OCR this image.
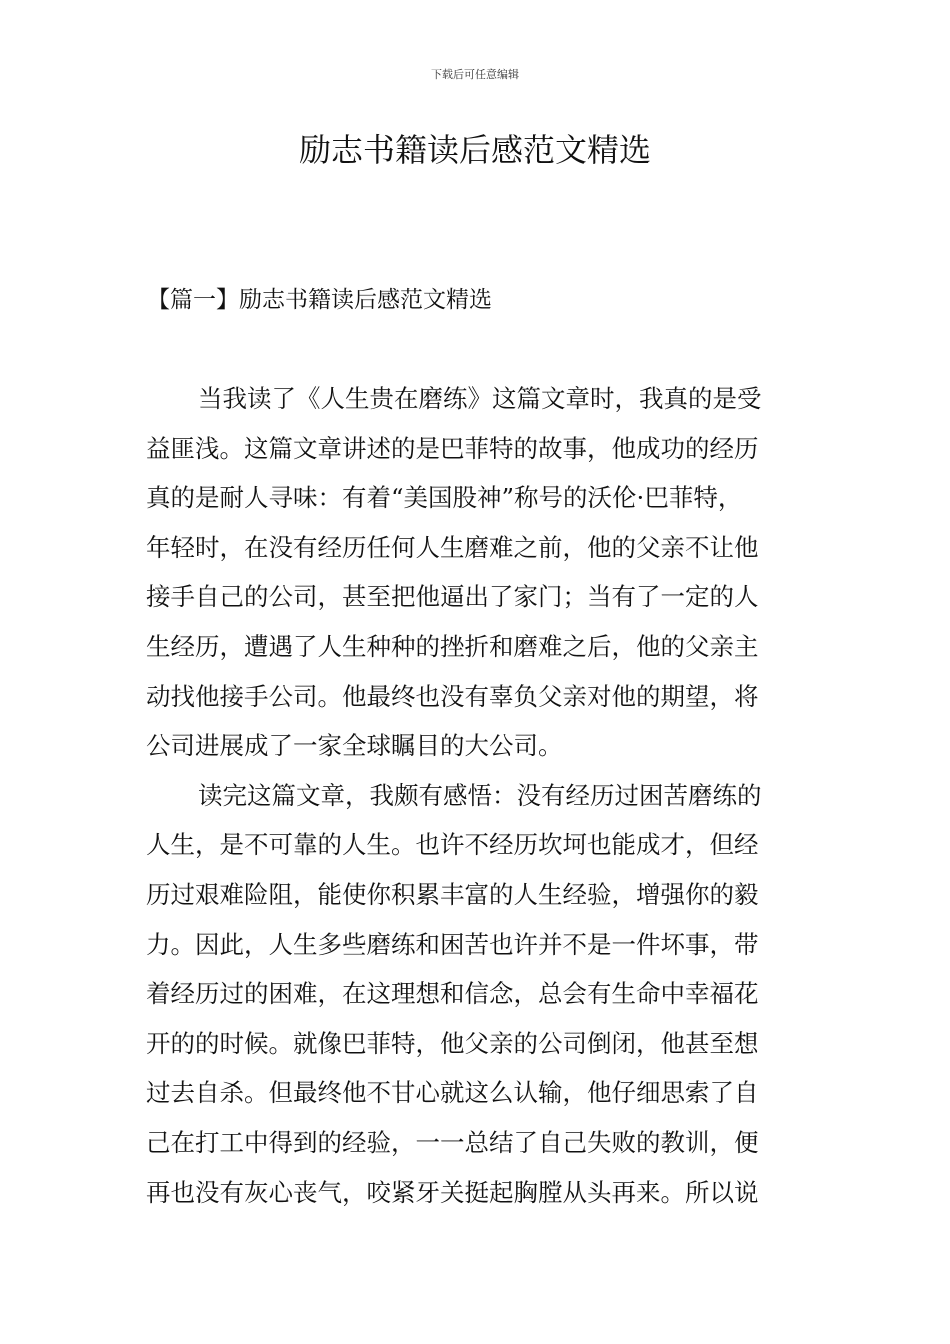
下载后可任意编辑
励志书籍读后感范文精选
【篇一】励志书籍读后感范文精选
当我读了《人生贵在磨练》这篇文章时，我真的是受
益匪浅。这篇文章讲述的是巴菲特的故事，他成功的经历
真的是耐人寻味：有着“美国股神”称号的沃伦·巴菲特，
年轻时，在没有经历任何人生磨难之前，他的父亲不让他
接手自己的公司，甚至把他逼出了家门；当有了一定的人
生经历，遭遇了人生种种的挫折和磨难之后，他的父亲主
动找他接手公司。他最终也没有辜负父亲对他的期望，将
公司进展成了一家全球瞩目的大公司。
读完这篇文章，我颇有感悟：没有经历过困苦磨练的
人生，是不可靠的人生。也许不经历坎坷也能成才，但经
历过艰难险阻，能使你积累丰富的人生经验，增强你的毅
力。因此，人生多些磨练和困苦也许并不是一件坏事，带
着经历过的困难，在这理想和信念，总会有生命中幸福花
开的的时候。就像巴菲特，他父亲的公司倒闭，他甚至想
过去自杀。但最终他不甘心就这么认输，他仔细思索了自
己在打工中得到的经验，一一总结了自己失败的教训，便
再也没有灰心丧气，咬紧牙关挺起胸膛从头再来。所以说
